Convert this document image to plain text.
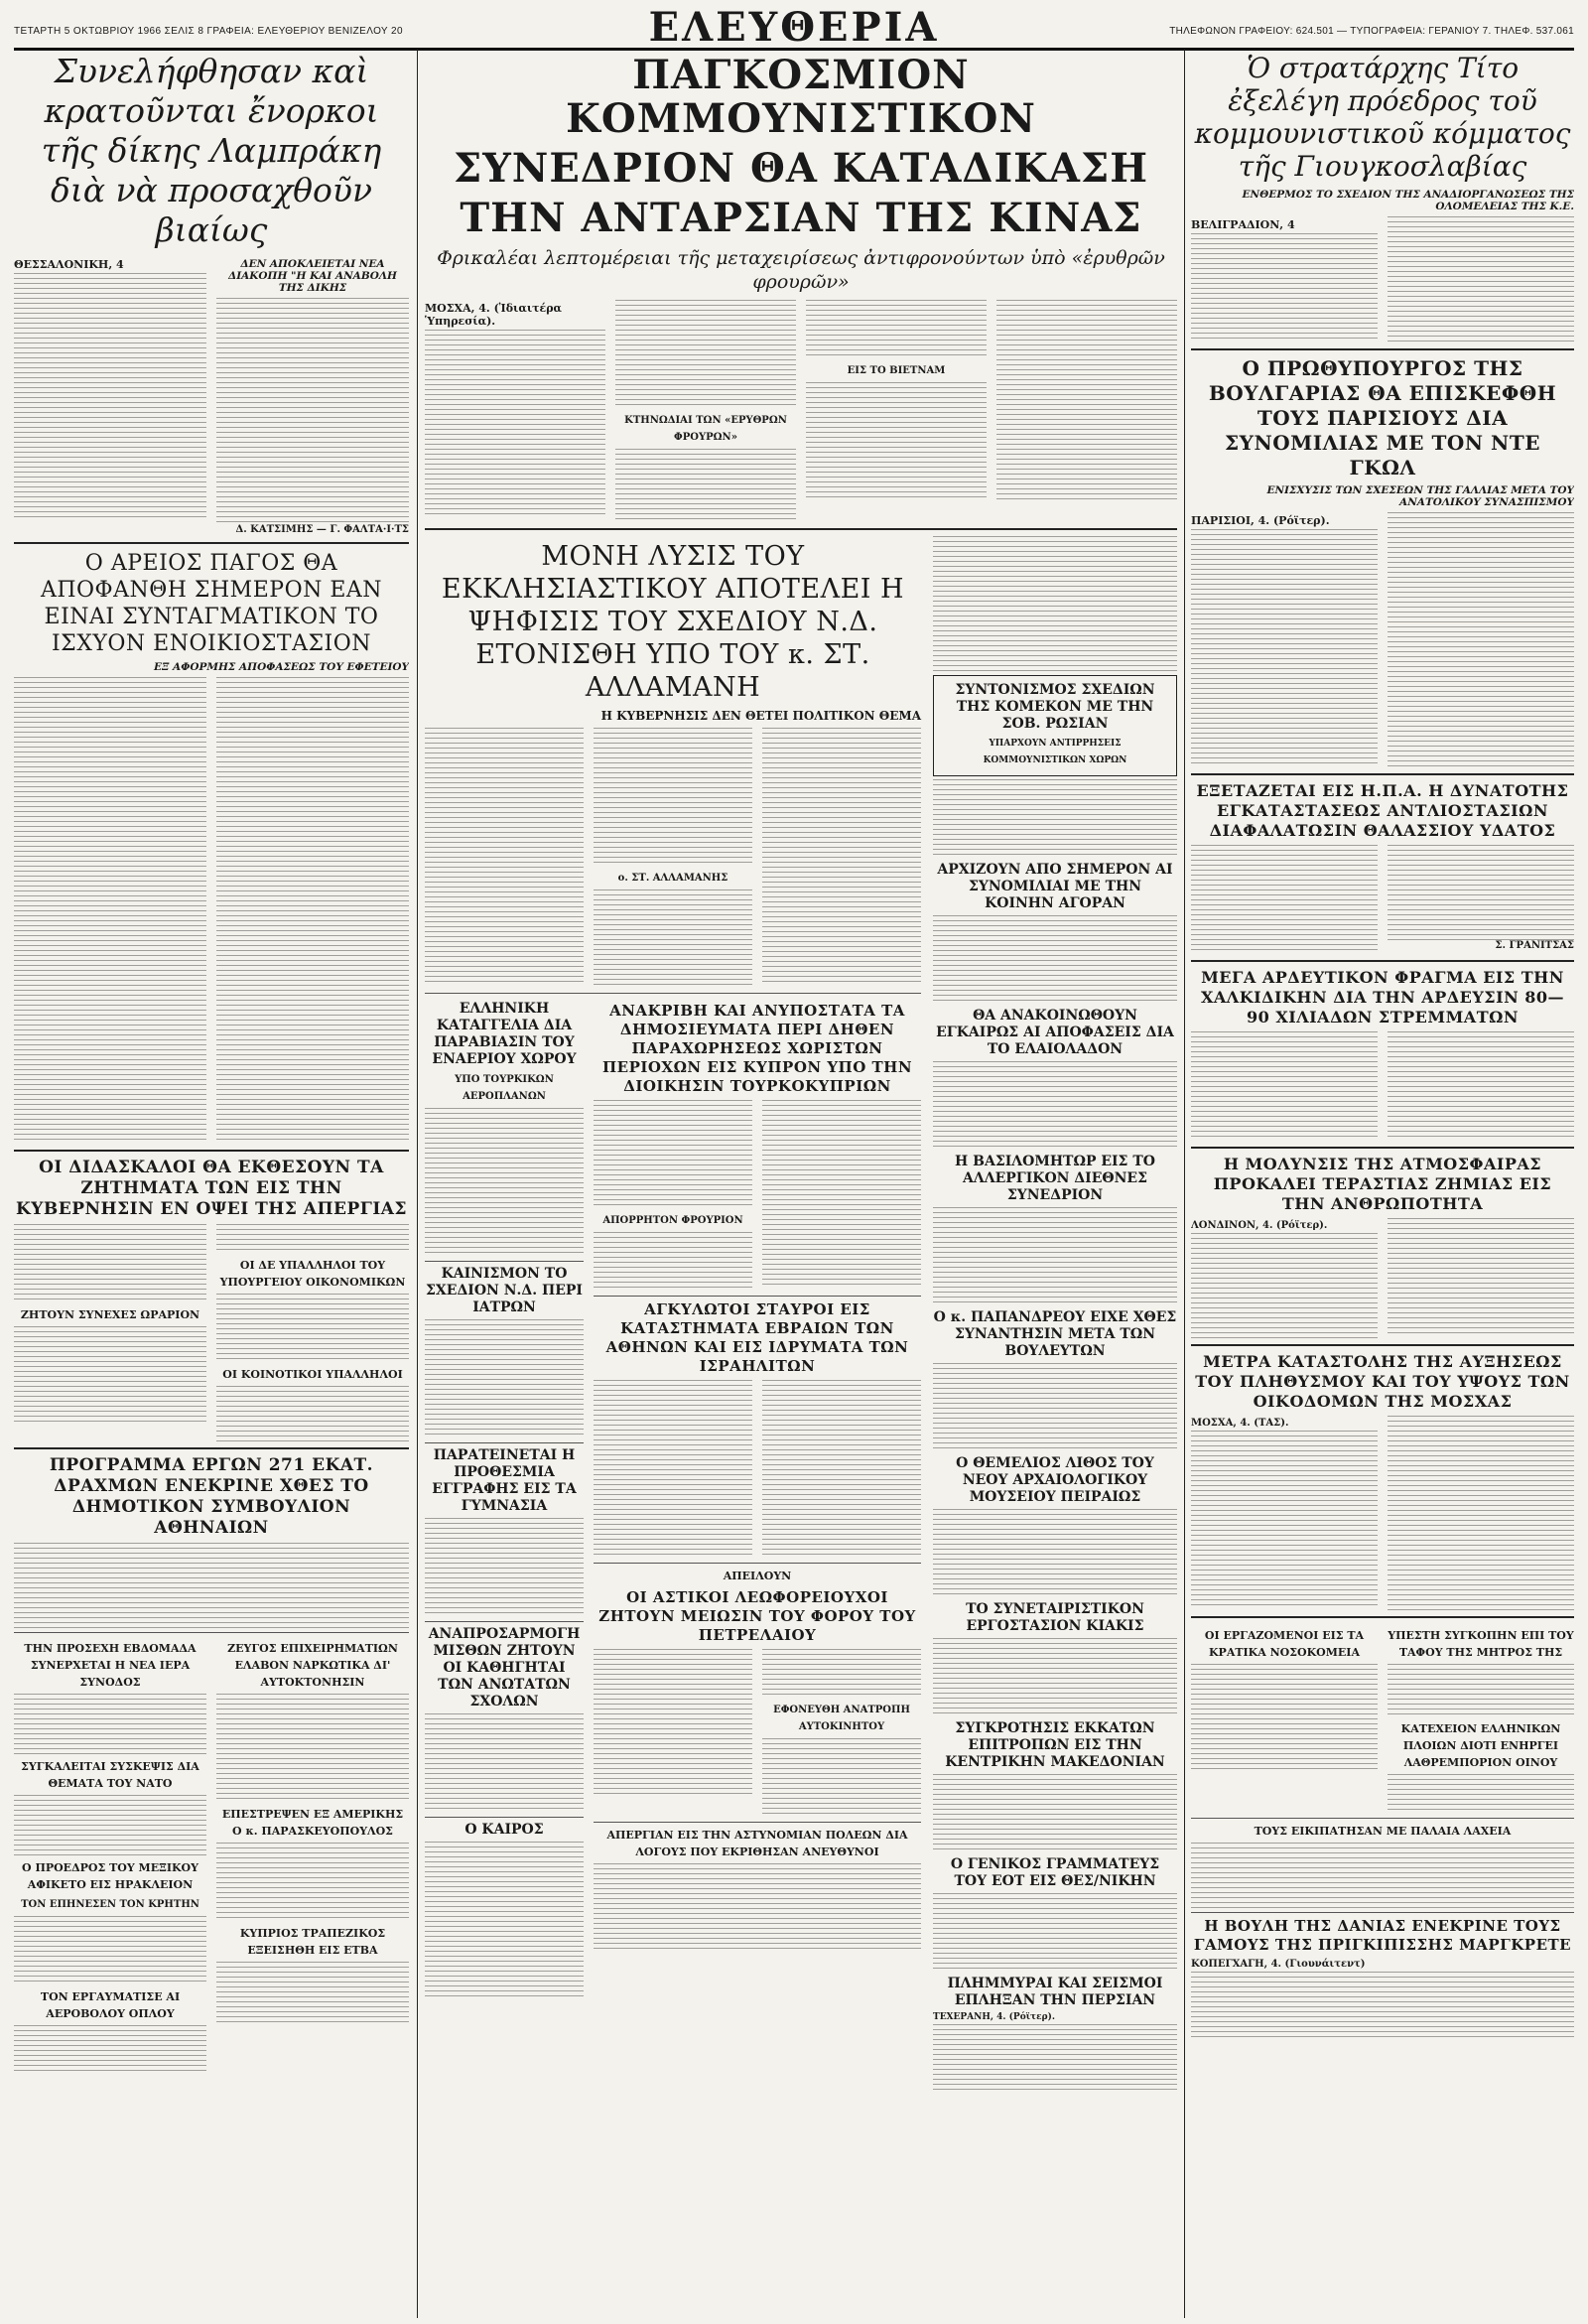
ΤΕΤΑΡΤΗ 5 ΟΚΤΩΒΡΙΟΥ 1966 ΣΕΛΙΣ 8 ΓΡΑΦΕΙΑ: ΕΛΕΥΘΕΡΙΟΥ ΒΕΝΙΖΕΛΟΥ 20	ΕΛΕΥΘΕΡΙΑ	ΤΗΛΕΦΩΝΟΝ ΓΡΑΦΕΙΟΥ: 624.501 — ΤΥΠΟΓΡΑΦΕΙΑ: ΓΕΡΑΝΙΟΥ 7. ΤΗΛΕΦ. 537.061
Συνελήφθησαν καὶ κρατοῦνται ἔνορκοι τῆς δίκης Λαμπράκη διὰ νὰ προσαχθοῦν βιαίως
ΘΕΣΣΑΛΟΝΙΚΗ, 4	ΔΕΝ ΑΠΟΚΛΕΙΕΤΑΙ ΝΕΑ ΔΙΑΚΟΠΗ "Η ΚΑΙ ΑΝΑΒΟΛΗ ΤΗΣ ΔΙΚΗΣ
Δ. ΚΑΤΣΙΜΗΣ — Γ. ΦΑΛΤΑ·Ι·ΤΣ
Ο ΑΡΕΙΟΣ ΠΑΓΟΣ ΘΑ ΑΠΟΦΑΝΘΗ ΣΗΜΕΡΟΝ ΕΑΝ ΕΙΝΑΙ ΣΥΝΤΑΓΜΑΤΙΚΟΝ ΤΟ ΙΣΧΥΟΝ ΕΝΟΙΚΙΟΣΤΑΣΙΟΝ
ΕΞ ΑΦΟΡΜΗΣ ΑΠΟΦΑΣΕΩΣ ΤΟΥ ΕΦΕΤΕΙΟΥ
ΟΙ ΔΙΔΑΣΚΑΛΟΙ ΘΑ ΕΚΘΕΣΟΥΝ ΤΑ ΖΗΤΗΜΑΤΑ ΤΩΝ ΕΙΣ ΤΗΝ ΚΥΒΕΡΝΗΣΙΝ ΕΝ ΟΨΕΙ ΤΗΣ ΑΠΕΡΓΙΑΣ
ΖΗΤΟΥΝ ΣΥΝΕΧΕΣ ΩΡΑΡΙΟΝ
ΟΙ ΔΕ ΥΠΑΛΛΗΛΟΙ ΤΟΥ ΥΠΟΥΡΓΕΙΟΥ ΟΙΚΟΝΟΜΙΚΩΝ
ΟΙ ΚΟΙΝΟΤΙΚΟΙ ΥΠΑΛΛΗΛΟΙ
ΠΡΟΓΡΑΜΜΑ ΕΡΓΩΝ 271 ΕΚΑΤ. ΔΡΑΧΜΩΝ ΕΝΕΚΡΙΝΕ ΧΘΕΣ ΤΟ ΔΗΜΟΤΙΚΟΝ ΣΥΜΒΟΥΛΙΟΝ ΑΘΗΝΑΙΩΝ
ΤΗΝ ΠΡΟΣΕΧΗ ΕΒΔΟΜΑΔΑ ΣΥΝΕΡΧΕΤΑΙ Η ΝΕΑ ΙΕΡΑ ΣΥΝΟΔΟΣ
ΣΥΓΚΑΛΕΙΤΑΙ ΣΥΣΚΕΨΙΣ ΔΙΑ ΘΕΜΑΤΑ ΤΟΥ ΝΑΤΟ
Ο ΠΡΟΕΔΡΟΣ ΤΟΥ ΜΕΞΙΚΟΥ ΑΦΙΚΕΤΟ ΕΙΣ ΗΡΑΚΛΕΙΟΝ
ΤΟΝ ΕΠΗΝΕΣΕΝ ΤΟΝ ΚΡΗΤΗΝ
ΤΟΝ ΕΡΓΑΥΜΑΤΙΣΕ ΑΙ ΑΕΡΟΒΟΛΟΥ ΟΠΛΟΥ
ΖΕΥΓΟΣ ΕΠΙΧΕΙΡΗΜΑΤΙΩΝ ΕΛΑΒΟΝ ΝΑΡΚΩΤΙΚΑ ΔΙ' ΑΥΤΟΚΤΟΝΗΣΙΝ
ΕΠΕΣΤΡΕΨΕΝ ΕΞ ΑΜΕΡΙΚΗΣ Ο κ. ΠΑΡΑΣΚΕΥΟΠΟΥΛΟΣ
ΚΥΠΡΙΟΣ ΤΡΑΠΕΖΙΚΟΣ ΕΞΕΙΣΗΘΗ ΕΙΣ ΕΤΒΑ
ΠΑΓΚΟΣΜΙΟΝ ΚΟΜΜΟΥΝΙΣΤΙΚΟΝ
ΣΥΝΕΔΡΙΟΝ ΘΑ ΚΑΤΑΔΙΚΑΣΗ
ΤΗΝ ΑΝΤΑΡΣΙΑΝ ΤΗΣ ΚΙΝΑΣ
Φρικαλέαι λεπτομέρειαι τῆς μεταχειρίσεως ἀντιφρονούντων ὑπὸ «ἐρυθρῶν φρουρῶν»
ΜΟΣΧΑ, 4. (Ἰδιαιτέρα Ὑπηρεσία).
ΚΤΗΝΩΔΙΑΙ ΤΩΝ «ΕΡΥΘΡΩΝ ΦΡΟΥΡΩΝ»
ΕΙΣ ΤΟ ΒΙΕΤΝΑΜ
ΜΟΝΗ ΛΥΣΙΣ ΤΟΥ ΕΚΚΛΗΣΙΑΣΤΙΚΟΥ ΑΠΟΤΕΛΕΙ Η ΨΗΦΙΣΙΣ ΤΟΥ ΣΧΕΔΙΟΥ Ν.Δ. ΕΤΟΝΙΣΘΗ ΥΠΟ ΤΟΥ κ. ΣΤ. ΑΛΛΑΜΑΝΗ
Η ΚΥΒΕΡΝΗΣΙΣ ΔΕΝ ΘΕΤΕΙ ΠΟΛΙΤΙΚΟΝ ΘΕΜΑ
ο. ΣΤ. ΑΛΛΑΜΑΝΗΣ
ΕΛΛΗΝΙΚΗ ΚΑΤΑΓΓΕΛΙΑ ΔΙΑ ΠΑΡΑΒΙΑΣΙΝ ΤΟΥ ΕΝΑΕΡΙΟΥ ΧΩΡΟΥ
ΥΠΟ ΤΟΥΡΚΙΚΩΝ ΑΕΡΟΠΛΑΝΩΝ
ΚΑΙΝΙΣΜΟΝ ΤΟ ΣΧΕΔΙΟΝ Ν.Δ. ΠΕΡΙ ΙΑΤΡΩΝ
ΠΑΡΑΤΕΙΝΕΤΑΙ Η ΠΡΟΘΕΣΜΙΑ ΕΓΓΡΑΦΗΣ ΕΙΣ ΤΑ ΓΥΜΝΑΣΙΑ
ΑΝΑΠΡΟΣΑΡΜΟΓΗ ΜΙΣΘΩΝ ΖΗΤΟΥΝ ΟΙ ΚΑΘΗΓΗΤΑΙ ΤΩΝ ΑΝΩΤΑΤΩΝ ΣΧΟΛΩΝ
Ο ΚΑΙΡΟΣ
ΑΝΑΚΡΙΒΗ ΚΑΙ ΑΝΥΠΟΣΤΑΤΑ ΤΑ ΔΗΜΟΣΙΕΥΜΑΤΑ ΠΕΡΙ ΔΗΘΕΝ ΠΑΡΑΧΩΡΗΣΕΩΣ ΧΩΡΙΣΤΩΝ ΠΕΡΙΟΧΩΝ ΕΙΣ ΚΥΠΡΟΝ ΥΠΟ ΤΗΝ ΔΙΟΙΚΗΣΙΝ ΤΟΥΡΚΟΚΥΠΡΙΩΝ
ΑΠΟΡΡΗΤΟΝ ΦΡΟΥΡΙΟΝ
ΑΓΚΥΛΩΤΟΙ ΣΤΑΥΡΟΙ ΕΙΣ ΚΑΤΑΣΤΗΜΑΤΑ ΕΒΡΑΙΩΝ ΤΩΝ ΑΘΗΝΩΝ ΚΑΙ ΕΙΣ ΙΔΡΥΜΑΤΑ ΤΩΝ ΙΣΡΑΗΛΙΤΩΝ
ΑΠΕΙΛΟΥΝ
ΟΙ ΑΣΤΙΚΟΙ ΛΕΩΦΟΡΕΙΟΥΧΟΙ ΖΗΤΟΥΝ ΜΕΙΩΣΙΝ ΤΟΥ ΦΟΡΟΥ ΤΟΥ ΠΕΤΡΕΛΑΙΟΥ
ΕΦΟΝΕΥΘΗ ΑΝΑΤΡΟΠΗ ΑΥΤΟΚΙΝΗΤΟΥ
ΑΠΕΡΓΙΑΝ ΕΙΣ ΤΗΝ ΑΣΤΥΝΟΜΙΑΝ ΠΟΛΕΩΝ ΔΙΑ ΛΟΓΟΥΣ ΠΟΥ ΕΚΡΙΘΗΣΑΝ ΑΝΕΥΘΥΝΟΙ
ΣΥΝΤΟΝΙΣΜΟΣ ΣΧΕΔΙΩΝ ΤΗΣ ΚΟΜΕΚΟΝ ΜΕ ΤΗΝ ΣΟΒ. ΡΩΣΙΑΝ
ΥΠΑΡΧΟΥΝ ΑΝΤΙΡΡΗΣΕΙΣ ΚΟΜΜΟΥΝΙΣΤΙΚΩΝ ΧΩΡΩΝ
ΑΡΧΙΖΟΥΝ ΑΠΟ ΣΗΜΕΡΟΝ ΑΙ ΣΥΝΟΜΙΛΙΑΙ ΜΕ ΤΗΝ ΚΟΙΝΗΝ ΑΓΟΡΑΝ
ΘΑ ΑΝΑΚΟΙΝΩΘΟΥΝ ΕΓΚΑΙΡΩΣ ΑΙ ΑΠΟΦΑΣΕΙΣ ΔΙΑ ΤΟ ΕΛΑΙΟΛΑΔΟΝ
Η ΒΑΣΙΛΟΜΗΤΩΡ ΕΙΣ ΤΟ ΑΛΛΕΡΓΙΚΟΝ ΔΙΕΘΝΕΣ ΣΥΝΕΔΡΙΟΝ
Ο κ. ΠΑΠΑΝΔΡΕΟΥ ΕΙΧΕ ΧΘΕΣ ΣΥΝΑΝΤΗΣΙΝ ΜΕΤΑ ΤΩΝ ΒΟΥΛΕΥΤΩΝ
Ο ΘΕΜΕΛΙΟΣ ΛΙΘΟΣ ΤΟΥ ΝΕΟΥ ΑΡΧΑΙΟΛΟΓΙΚΟΥ ΜΟΥΣΕΙΟΥ ΠΕΙΡΑΙΩΣ
ΤΟ ΣΥΝΕΤΑΙΡΙΣΤΙΚΟΝ ΕΡΓΟΣΤΑΣΙΟΝ ΚΙΑΚΙΣ
ΣΥΓΚΡΟΤΗΣΙΣ ΕΚΚΑΤΩΝ ΕΠΙΤΡΟΠΩΝ ΕΙΣ ΤΗΝ ΚΕΝΤΡΙΚΗΝ ΜΑΚΕΔΟΝΙΑΝ
Ο ΓΕΝΙΚΟΣ ΓΡΑΜΜΑΤΕΥΣ ΤΟΥ ΕΟΤ ΕΙΣ ΘΕΣ/ΝΙΚΗΝ
ΠΛΗΜΜΥΡΑΙ ΚΑΙ ΣΕΙΣΜΟΙ ΕΠΛΗΞΑΝ ΤΗΝ ΠΕΡΣΙΑΝ
ΤΕΧΕΡΑΝΗ, 4. (Ρόϊτερ).
Ὁ στρατάρχης Τίτο ἐξελέγη πρόεδρος τοῦ κομμουνιστικοῦ κόμματος τῆς Γιουγκοσλαβίας
ΕΝΘΕΡΜΟΣ ΤΟ ΣΧΕΔΙΟΝ ΤΗΣ ΑΝΑΔΙΟΡΓΑΝΩΣΕΩΣ ΤΗΣ ΟΛΟΜΕΛΕΙΑΣ ΤΗΣ Κ.Ε.
ΒΕΛΙΓΡΑΔΙΟΝ, 4
Ο ΠΡΩΘΥΠΟΥΡΓΟΣ ΤΗΣ ΒΟΥΛΓΑΡΙΑΣ ΘΑ ΕΠΙΣΚΕΦΘΗ ΤΟΥΣ ΠΑΡΙΣΙΟΥΣ ΔΙΑ ΣΥΝΟΜΙΛΙΑΣ ΜΕ ΤΟΝ ΝΤΕ ΓΚΩΛ
ΕΝΙΣΧΥΣΙΣ ΤΩΝ ΣΧΕΣΕΩΝ ΤΗΣ ΓΑΛΛΙΑΣ ΜΕΤΑ ΤΟΥ ΑΝΑΤΟΛΙΚΟΥ ΣΥΝΑΣΠΙΣΜΟΥ
ΠΑΡΙΣΙΟΙ, 4. (Ρόϊτερ).
ΕΞΕΤΑΖΕΤΑΙ ΕΙΣ Η.Π.Α. Η ΔΥΝΑΤΟΤΗΣ ΕΓΚΑΤΑΣΤΑΣΕΩΣ ΑΝΤΛΙΟΣΤΑΣΙΩΝ ΔΙΑΦΑΛΑΤΩΣΙΝ ΘΑΛΑΣΣΙΟΥ ΥΔΑΤΟΣ
Σ. ΓΡΑΝΙΤΣΑΣ
ΜΕΓΑ ΑΡΔΕΥΤΙΚΟΝ ΦΡΑΓΜΑ ΕΙΣ ΤΗΝ ΧΑΛΚΙΔΙΚΗΝ ΔΙΑ ΤΗΝ ΑΡΔΕΥΣΙΝ 80—90 ΧΙΛΙΑΔΩΝ ΣΤΡΕΜΜΑΤΩΝ
Η ΜΟΛΥΝΣΙΣ ΤΗΣ ΑΤΜΟΣΦΑΙΡΑΣ ΠΡΟΚΑΛΕΙ ΤΕΡΑΣΤΙΑΣ ΖΗΜΙΑΣ ΕΙΣ ΤΗΝ ΑΝΘΡΩΠΟΤΗΤΑ
ΛΟΝΔΙΝΟΝ, 4. (Ρόϊτερ).
ΜΕΤΡΑ ΚΑΤΑΣΤΟΛΗΣ ΤΗΣ ΑΥΞΗΣΕΩΣ ΤΟΥ ΠΛΗΘΥΣΜΟΥ ΚΑΙ ΤΟΥ ΥΨΟΥΣ ΤΩΝ ΟΙΚΟΔΟΜΩΝ ΤΗΣ ΜΟΣΧΑΣ
ΜΟΣΧΑ, 4. (ΤΑΣ).
ΟΙ ΕΡΓΑΖΟΜΕΝΟΙ ΕΙΣ ΤΑ ΚΡΑΤΙΚΑ ΝΟΣΟΚΟΜΕΙΑ
ΥΠΕΣΤΗ ΣΥΓΚΟΠΗΝ ΕΠΙ ΤΟΥ ΤΑΦΟΥ ΤΗΣ ΜΗΤΡΟΣ ΤΗΣ
ΚΑΤΕΧΕΙΟΝ ΕΛΛΗΝΙΚΩΝ ΠΛΟΙΩΝ ΔΙΟΤΙ ΕΝΗΡΓΕΙ ΛΑΘΡΕΜΠΟΡΙΟΝ ΟΙΝΟΥ
ΤΟΥΣ ΕΙΚΙΠΑΤΗΣΑΝ ΜΕ ΠΑΛΑΙΑ ΛΑΧΕΙΑ
Η ΒΟΥΛΗ ΤΗΣ ΔΑΝΙΑΣ ΕΝΕΚΡΙΝΕ ΤΟΥΣ ΓΑΜΟΥΣ ΤΗΣ ΠΡΙΓΚΙΠΙΣΣΗΣ ΜΑΡΓΚΡΕΤΕ
ΚΟΠΕΓΧΑΓΗ, 4. (Γιουνάιτεντ)
